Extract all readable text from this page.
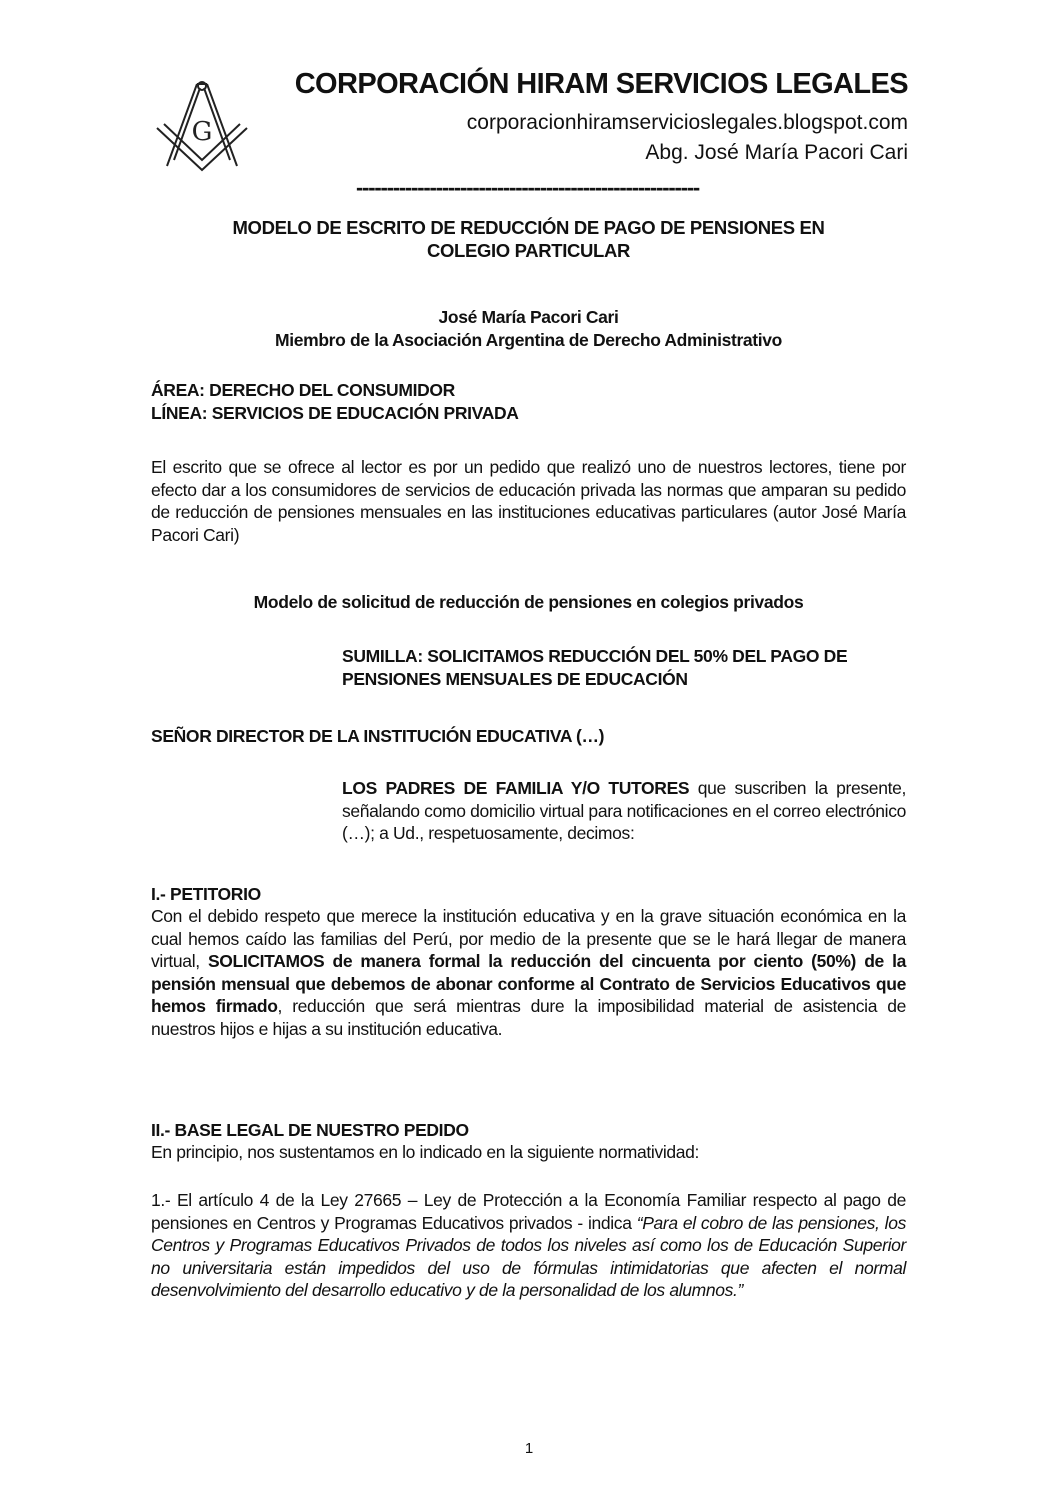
G
CORPORACIÓN HIRAM SERVICIOS LEGALES
corporacionhiramservicioslegales.blogspot.com
Abg. José María Pacori Cari
--------------------------------------------------------
MODELO DE ESCRITO DE REDUCCIÓN DE PAGO DE PENSIONES EN
COLEGIO PARTICULAR
José María Pacori Cari
Miembro de la Asociación Argentina de Derecho Administrativo
ÁREA: DERECHO DEL CONSUMIDOR
LÍNEA: SERVICIOS DE EDUCACIÓN PRIVADA
El escrito que se ofrece al lector es por un pedido que realizó uno de nuestros lectores, tiene por efecto dar a los consumidores de servicios de educación privada las normas que amparan su pedido de reducción de pensiones mensuales en las instituciones educativas particulares (autor José María Pacori Cari)
Modelo de solicitud de reducción de pensiones en colegios privados
SUMILLA: SOLICITAMOS REDUCCIÓN DEL 50% DEL PAGO DE PENSIONES MENSUALES DE EDUCACIÓN
SEÑOR DIRECTOR DE LA INSTITUCIÓN EDUCATIVA (…)
LOS PADRES DE FAMILIA Y/O TUTORES que suscriben la presente, señalando como domicilio virtual para notificaciones en el correo electrónico (…); a Ud., respetuosamente, decimos:
I.- PETITORIO
Con el debido respeto que merece la institución educativa y en la grave situación económica en la cual hemos caído las familias del Perú, por medio de la presente que se le hará llegar de manera virtual, SOLICITAMOS de manera formal la reducción del cincuenta por ciento (50%) de la pensión mensual que debemos de abonar conforme al Contrato de Servicios Educativos que hemos firmado, reducción que será mientras dure la imposibilidad material de asistencia de nuestros hijos e hijas a su institución educativa.
II.- BASE LEGAL DE NUESTRO PEDIDO
En principio, nos sustentamos en lo indicado en la siguiente normatividad:
1.- El artículo 4 de la Ley 27665 – Ley de Protección a la Economía Familiar respecto al pago de pensiones en Centros y Programas Educativos privados - indica “Para el cobro de las pensiones, los Centros y Programas Educativos Privados de todos los niveles así como los de Educación Superior no universitaria están impedidos del uso de fórmulas intimidatorias que afecten el normal desenvolvimiento del desarrollo educativo y de la personalidad de los alumnos.”
1
